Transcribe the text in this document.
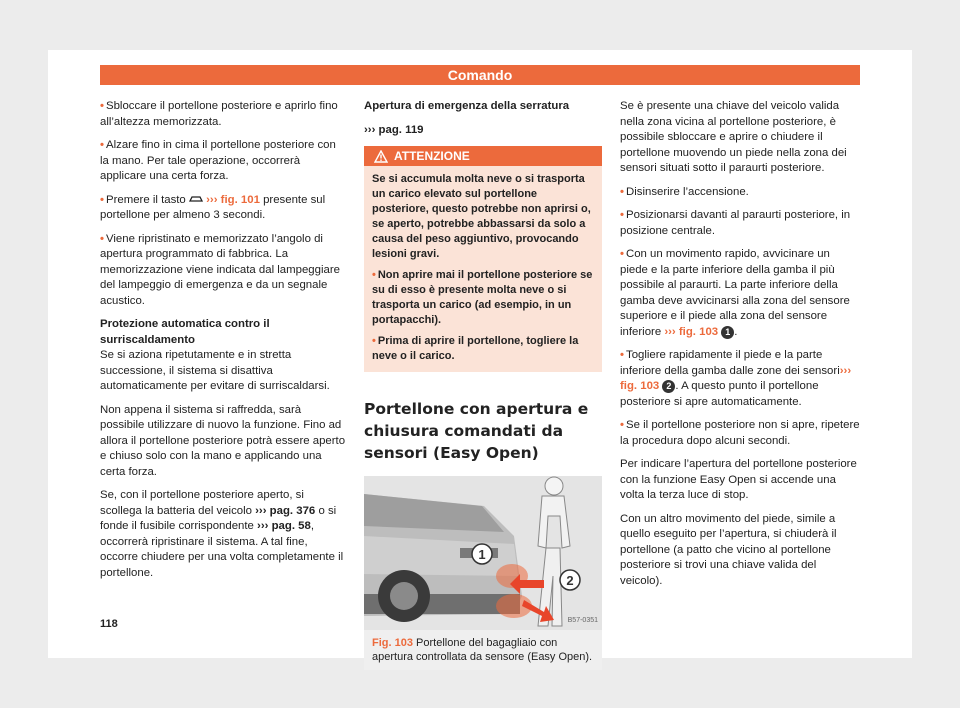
Comando

• Sbloccare il portellone posteriore e aprirlo fino all’altezza memorizzata.

• Alzare fino in cima il portellone posteriore con la mano. Per tale operazione, occorrerà applicare una certa forza.

• Premere il tasto ››› fig. 101 presente sul portellone per almeno 3 secondi.

• Viene ripristinato e memorizzato l’angolo di apertura programmato di fabbrica. La memorizzazione viene indicata dal lampeggiare del lampeggio di emergenza e da un segnale acustico.

Protezione automatica contro il surriscaldamento

Se si aziona ripetutamente e in stretta successione, il sistema si disattiva automaticamente per evitare di surriscaldarsi.

Non appena il sistema si raffredda, sarà possibile utilizzare di nuovo la funzione. Fino ad allora il portellone posteriore potrà essere aperto e chiuso solo con la mano e applicando una certa forza.

Se, con il portellone posteriore aperto, si scollega la batteria del veicolo ››› pag. 376 o si fonde il fusibile corrispondente ››› pag. 58, occorrerà ripristinare il sistema. A tal fine, occorre chiudere per una volta completamente il portellone.

Apertura di emergenza della serratura

››› pag. 119

ATTENZIONE

Se si accumula molta neve o si trasporta un carico elevato sul portellone posteriore, questo potrebbe non aprirsi o, se aperto, potrebbe abbassarsi da solo a causa del peso aggiuntivo, provocando lesioni gravi.

• Non aprire mai il portellone posteriore se su di esso è presente molta neve o si trasporta un carico (ad esempio, in un portapacchi).

• Prima di aprire il portellone, togliere la neve o il carico.

Portellone con apertura e chiusura comandati da sensori (Easy Open)
1
2
B57-0351
Fig. 103 Portellone del bagagliaio con apertura controllata da sensore (Easy Open).

Se è presente una chiave del veicolo valida nella zona vicina al portellone posteriore, è possibile sbloccare e aprire o chiudere il portellone muovendo un piede nella zona dei sensori situati sotto il paraurti posteriore.

• Disinserire l’accensione.

• Posizionarsi davanti al paraurti posteriore, in posizione centrale.

• Con un movimento rapido, avvicinare un piede e la parte inferiore della gamba il più possibile al paraurti. La parte inferiore della gamba deve avvicinarsi alla zona del sensore superiore e il piede alla zona del sensore inferiore ››› fig. 103 1 .

• Togliere rapidamente il piede e la parte inferiore della gamba dalle zone dei sensori››› fig. 103 2 . A questo punto il portellone posteriore si apre automaticamente.

• Se il portellone posteriore non si apre, ripetere la procedura dopo alcuni secondi.

Per indicare l’apertura del portellone posteriore con la funzione Easy Open si accende una volta la terza luce di stop.

Con un altro movimento del piede, simile a quello eseguito per l’apertura, si chiuderà il portellone (a patto che vicino al portellone posteriore si trovi una chiave valida del veicolo).

118
